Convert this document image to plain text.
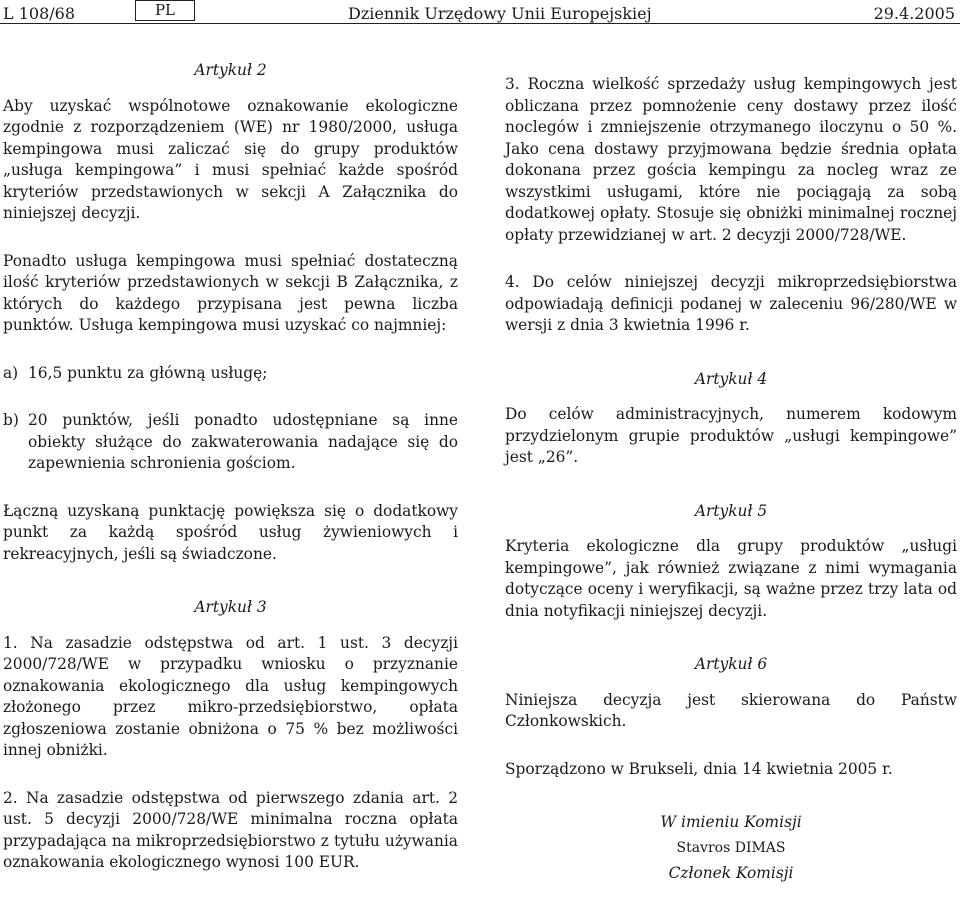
L 108/68	PL	Dziennik Urzędowy Unii Europejskiej	29.4.2005
Artykuł 2

Aby uzyskać wspólnotowe oznakowanie ekologiczne zgodnie z rozporządzeniem (WE) nr 1980/2000, usługa kempingowa musi zaliczać się do grupy produktów „usługa kempingowa” i musi spełniać każde spośród kryteriów przedstawionych w sekcji A Załącznika do niniejszej decyzji.

Ponadto usługa kempingowa musi spełniać dostateczną ilość kryteriów przedstawionych w sekcji B Załącznika, z których do każdego przypisana jest pewna liczba punktów. Usługa kempingowa musi uzyskać co najmniej:

a) 16,5 punktu za główną usługę;
b) 20 punktów, jeśli ponadto udostępniane są inne obiekty służące do zakwaterowania nadające się do zapewnienia schronienia gościom.

Łączną uzyskaną punktację powiększa się o dodatkowy punkt za każdą spośród usług żywieniowych i rekreacyjnych, jeśli są świadczone.

Artykuł 3

1. Na zasadzie odstępstwa od art. 1 ust. 3 decyzji 2000/728/WE w przypadku wniosku o przyznanie oznakowania ekologicznego dla usług kempingowych złożonego przez mikro-przedsiębiorstwo, opłata zgłoszeniowa zostanie obniżona o 75 % bez możliwości innej obniżki.

2. Na zasadzie odstępstwa od pierwszego zdania art. 2 ust. 5 decyzji 2000/728/WE minimalna roczna opłata przypadająca na mikroprzedsiębiorstwo z tytułu używania oznakowania ekologicznego wynosi 100 EUR.

3. Roczna wielkość sprzedaży usług kempingowych jest obliczana przez pomnożenie ceny dostawy przez ilość noclegów i zmniejszenie otrzymanego iloczynu o 50 %. Jako cena dostawy przyjmowana będzie średnia opłata dokonana przez gościa kempingu za nocleg wraz ze wszystkimi usługami, które nie pociągają za sobą dodatkowej opłaty. Stosuje się obniżki minimalnej rocznej opłaty przewidzianej w art. 2 decyzji 2000/728/WE.

4. Do celów niniejszej decyzji mikroprzedsiębiorstwa odpowiadają definicji podanej w zaleceniu 96/280/WE w wersji z dnia 3 kwietnia 1996 r.

Artykuł 4

Do celów administracyjnych, numerem kodowym przydzielonym grupie produktów „usługi kempingowe” jest „26”.

Artykuł 5

Kryteria ekologiczne dla grupy produktów „usługi kempingowe”, jak również związane z nimi wymagania dotyczące oceny i weryfikacji, są ważne przez trzy lata od dnia notyfikacji niniejszej decyzji.

Artykuł 6

Niniejsza decyzja jest skierowana do Państw Członkowskich.

Sporządzono w Brukseli, dnia 14 kwietnia 2005 r.

W imieniu Komisji
Stavros DIMAS
Członek Komisji
